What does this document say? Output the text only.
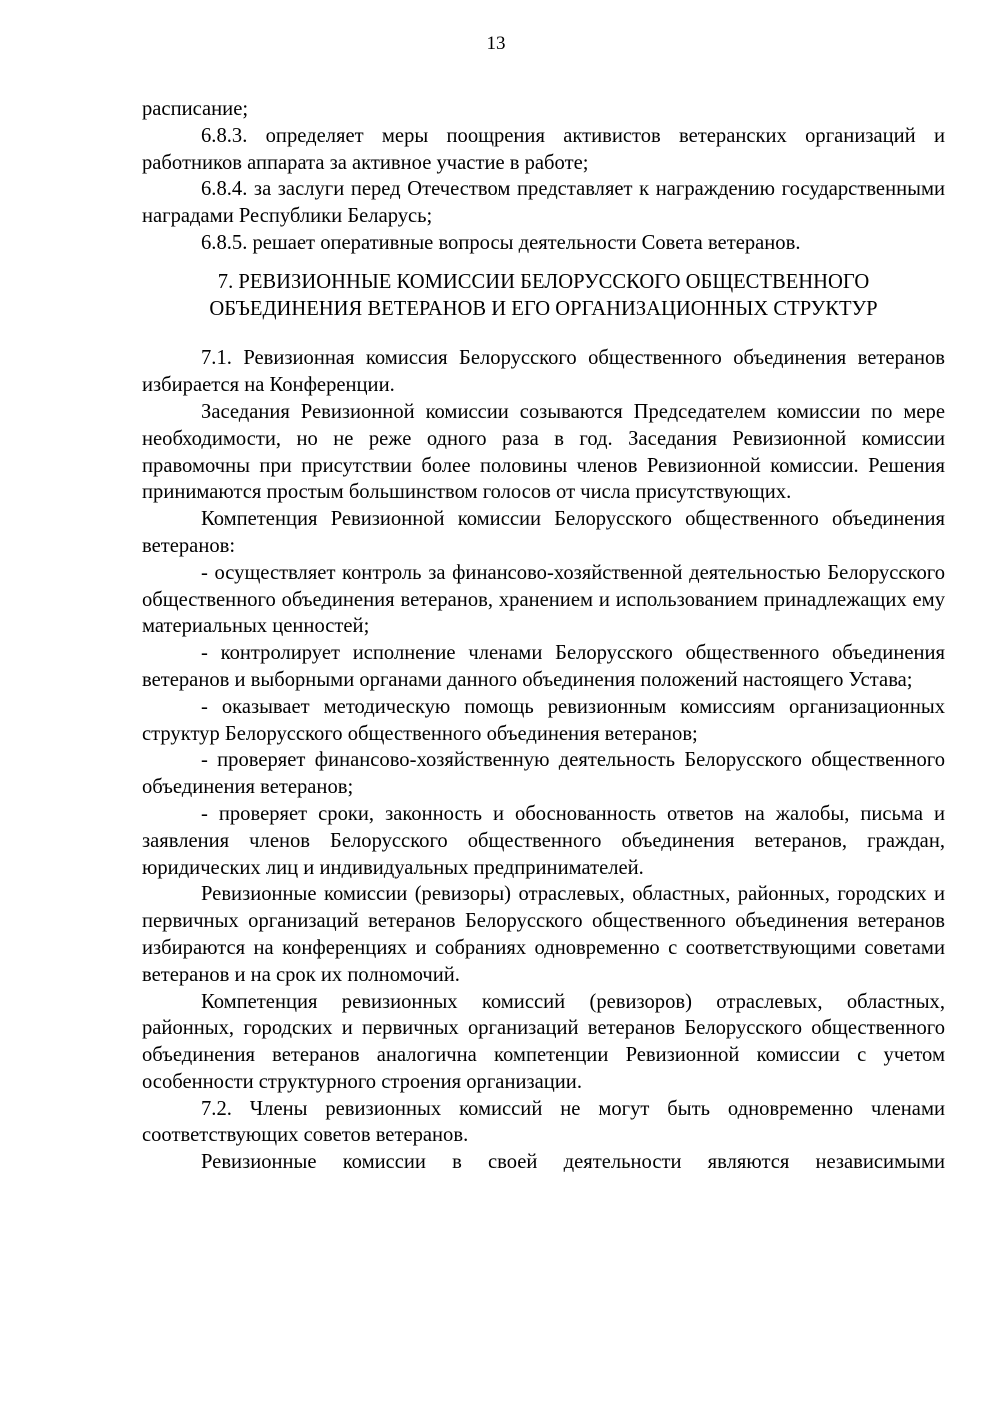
13

расписание;

6.8.3. определяет меры поощрения активистов ветеранских организаций и работников аппарата за активное участие в работе;

6.8.4. за заслуги перед Отечеством представляет к награждению государственными наградами Республики Беларусь;

6.8.5. решает оперативные вопросы деятельности Совета ветеранов.

7. РЕВИЗИОННЫЕ КОМИССИИ БЕЛОРУССКОГО ОБЩЕСТВЕННОГО
ОБЪЕДИНЕНИЯ ВЕТЕРАНОВ И ЕГО ОРГАНИЗАЦИОННЫХ СТРУКТУР

7.1. Ревизионная комиссия Белорусского общественного объединения ветеранов избирается на Конференции.

Заседания Ревизионной комиссии созываются Председателем комиссии по мере необходимости, но не реже одного раза в год. Заседания Ревизионной комиссии правомочны при присутствии более половины членов Ревизионной комиссии. Решения принимаются простым большинством голосов от числа присутствующих.

Компетенция Ревизионной комиссии Белорусского общественного объединения ветеранов:

- осуществляет контроль за финансово-хозяйственной деятельностью Белорусского общественного объединения ветеранов, хранением и использованием принадлежащих ему материальных ценностей;

- контролирует исполнение членами Белорусского общественного объединения ветеранов и выборными органами данного объединения положений настоящего Устава;

- оказывает методическую помощь ревизионным комиссиям организационных структур Белорусского общественного объединения ветеранов;

- проверяет финансово-хозяйственную деятельность Белорусского общественного объединения ветеранов;

- проверяет сроки, законность и обоснованность ответов на жалобы, письма и заявления членов Белорусского общественного объединения ветеранов, граждан, юридических лиц и индивидуальных предпринимателей.

Ревизионные комиссии (ревизоры) отраслевых, областных, районных, городских и первичных организаций ветеранов Белорусского общественного объединения ветеранов избираются на конференциях и собраниях одновременно с соответствующими советами ветеранов и на срок их полномочий.

Компетенция ревизионных комиссий (ревизоров) отраслевых, областных, районных, городских и первичных организаций ветеранов Белорусского общественного объединения ветеранов аналогична компетенции Ревизионной комиссии с учетом особенности структурного строения организации.

7.2. Члены ревизионных комиссий не могут быть одновременно членами соответствующих советов ветеранов.

Ревизионные комиссии в своей деятельности являются независимыми
